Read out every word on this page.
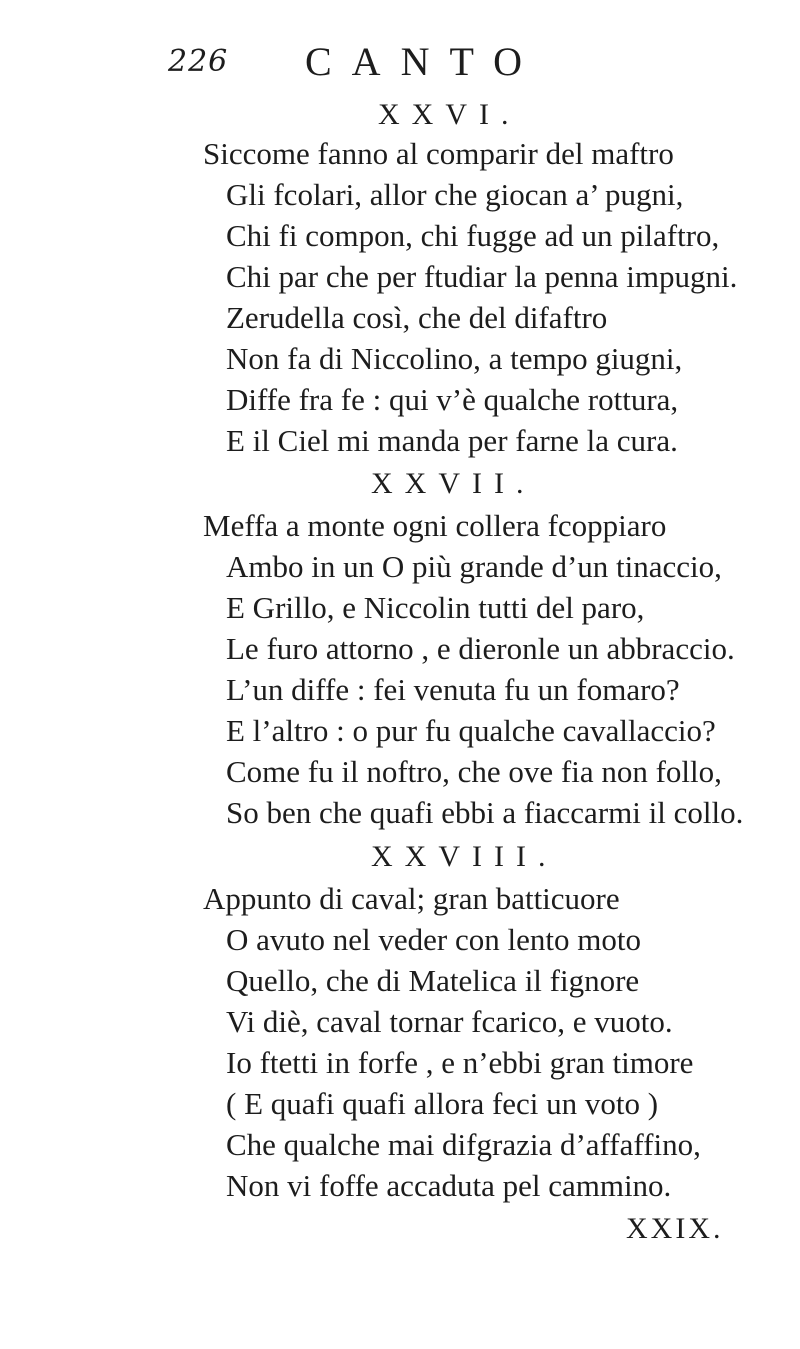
226 CANTO
XXVI.
Siccome fanno al comparir del maftro
Gli fcolari, allor che giocan a’ pugni,
Chi fi compon, chi fugge ad un pilaftro,
Chi par che per ftudiar la penna impugni.
Zerudella così, che del difaftro
Non fa di Niccolino, a tempo giugni,
Diffe fra fe : qui v’è qualche rottura,
E il Ciel mi manda per farne la cura.
XXVII.
Meffa a monte ogni collera fcoppiaro
Ambo in un O più grande d’un tinaccio,
E Grillo, e Niccolin tutti del paro,
Le furo attorno , e dieronle un abbraccio.
L’un diffe : fei venuta fu un fomaro?
E l’altro : o pur fu qualche cavallaccio?
Come fu il noftro, che ove fia non follo,
So ben che quafi ebbi a fiaccarmi il collo.
XXVIII.
Appunto di caval; gran batticuore
O avuto nel veder con lento moto
Quello, che di Matelica il fignore
Vi diè, caval tornar fcarico, e vuoto.
Io ftetti in forfe , e n’ebbi gran timore
( E quafi quafi allora feci un voto )
Che qualche mai difgrazia d’affaffino,
Non vi foffe accaduta pel cammino.
XXIX.
